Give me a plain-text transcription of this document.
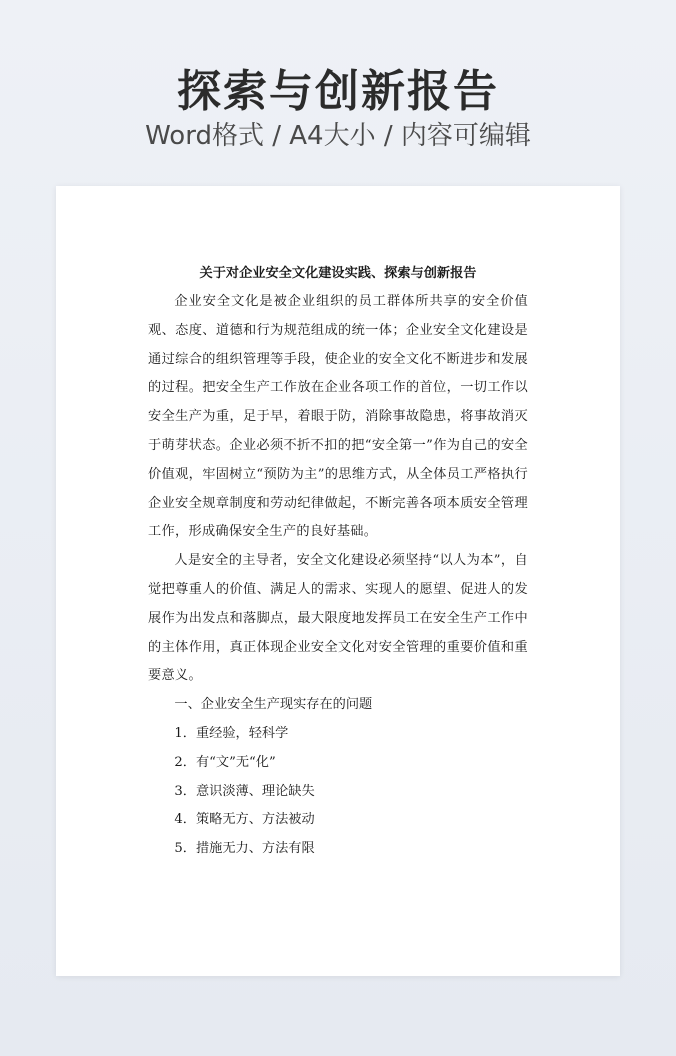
探索与创新报告
Word格式 / A4大小 / 内容可编辑

关于对企业安全文化建设实践、探索与创新报告

企业安全文化是被企业组织的员工群体所共享的安全价值观、态度、道德和行为规范组成的统一体；企业安全文化建设是通过综合的组织管理等手段，使企业的安全文化不断进步和发展的过程。把安全生产工作放在企业各项工作的首位，一切工作以安全生产为重，足于早，着眼于防，消除事故隐患，将事故消灭于萌芽状态。企业必须不折不扣的把“安全第一”作为自己的安全价值观，牢固树立“预防为主”的思维方式，从全体员工严格执行企业安全规章制度和劳动纪律做起，不断完善各项本质安全管理工作，形成确保安全生产的良好基础。

人是安全的主导者，安全文化建设必须坚持“以人为本”，自觉把尊重人的价值、满足人的需求、实现人的愿望、促进人的发展作为出发点和落脚点，最大限度地发挥员工在安全生产工作中的主体作用，真正体现企业安全文化对安全管理的重要价值和重要意义。

一、企业安全生产现实存在的问题

1．重经验，轻科学

2．有“文”无“化”

3．意识淡薄、理论缺失

4．策略无方、方法被动

5．措施无力、方法有限
